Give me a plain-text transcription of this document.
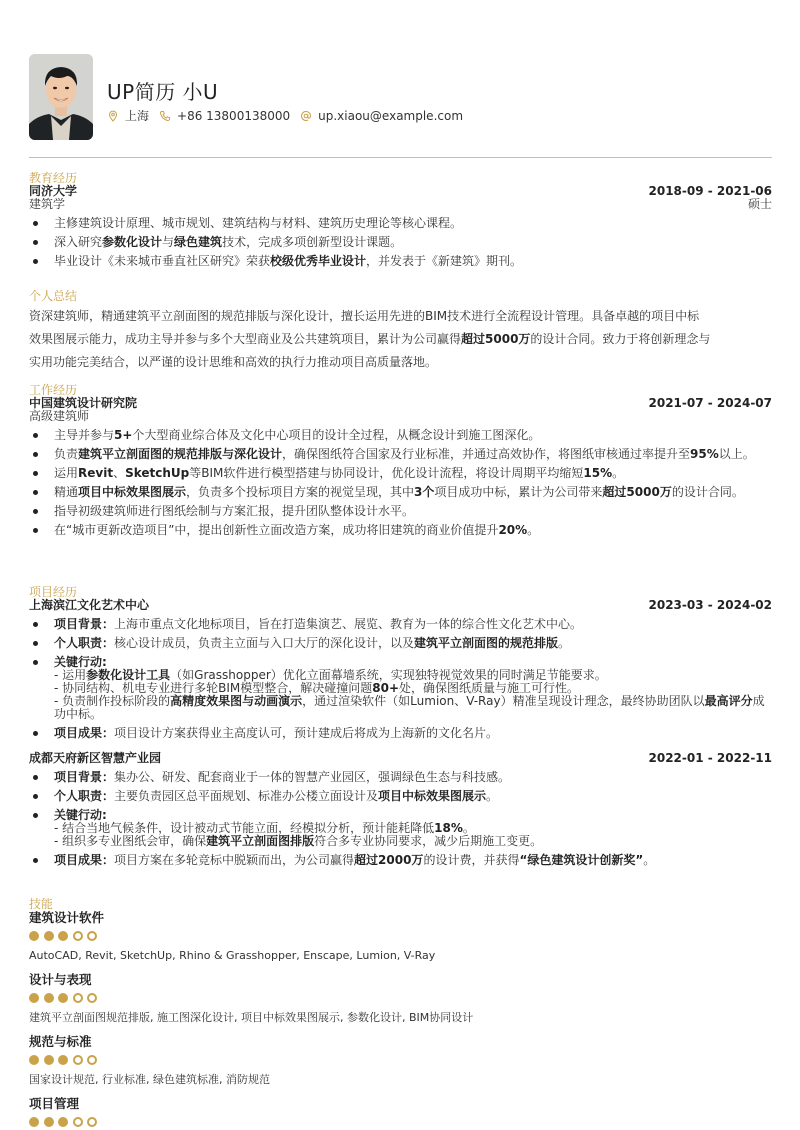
UP简历 小U
上海 +86 13800138000 up.xiaou@example.com
教育经历
同济大学	2018-09 - 2021-06
建筑学	硕士
主修建筑设计原理、城市规划、建筑结构与材料、建筑历史理论等核心课程。
深入研究参数化设计与绿色建筑技术，完成多项创新型设计课题。
毕业设计《未来城市垂直社区研究》荣获校级优秀毕业设计，并发表于《新建筑》期刊。
个人总结
资深建筑师，精通建筑平立剖面图的规范排版与深化设计，擅长运用先进的BIM技术进行全流程设计管理。具备卓越的项目中标
效果图展示能力，成功主导并参与多个大型商业及公共建筑项目，累计为公司赢得超过5000万的设计合同。致力于将创新理念与
实用功能完美结合，以严谨的设计思维和高效的执行力推动项目高质量落地。
工作经历
中国建筑设计研究院	2021-07 - 2024-07
高级建筑师
主导并参与5+个大型商业综合体及文化中心项目的设计全过程，从概念设计到施工图深化。
负责建筑平立剖面图的规范排版与深化设计，确保图纸符合国家及行业标准，并通过高效协作，将图纸审核通过率提升至95%以上。
运用Revit、SketchUp等BIM软件进行模型搭建与协同设计，优化设计流程，将设计周期平均缩短15%。
精通项目中标效果图展示，负责多个投标项目方案的视觉呈现，其中3个项目成功中标，累计为公司带来超过5000万的设计合同。
指导初级建筑师进行图纸绘制与方案汇报，提升团队整体设计水平。
在“城市更新改造项目”中，提出创新性立面改造方案，成功将旧建筑的商业价值提升20%。
项目经历
上海滨江文化艺术中心	2023-03 - 2024-02
项目背景：上海市重点文化地标项目，旨在打造集演艺、展览、教育为一体的综合性文化艺术中心。
个人职责：核心设计成员，负责主立面与入口大厅的深化设计，以及建筑平立剖面图的规范排版。
关键行动:
- 运用参数化设计工具（如Grasshopper）优化立面幕墙系统，实现独特视觉效果的同时满足节能要求。
- 协同结构、机电专业进行多轮BIM模型整合，解决碰撞问题80+处，确保图纸质量与施工可行性。
- 负责制作投标阶段的高精度效果图与动画演示，通过渲染软件（如Lumion、V-Ray）精准呈现设计理念，最终协助团队以最高评分成功中标。
项目成果：项目设计方案获得业主高度认可，预计建成后将成为上海新的文化名片。
成都天府新区智慧产业园	2022-01 - 2022-11
项目背景：集办公、研发、配套商业于一体的智慧产业园区，强调绿色生态与科技感。
个人职责：主要负责园区总平面规划、标准办公楼立面设计及项目中标效果图展示。
关键行动:
- 结合当地气候条件，设计被动式节能立面，经模拟分析，预计能耗降低18%。
- 组织多专业图纸会审，确保建筑平立剖面图排版符合多专业协同要求，减少后期施工变更。
项目成果：项目方案在多轮竞标中脱颖而出，为公司赢得超过2000万的设计费，并获得“绿色建筑设计创新奖”。
技能
建筑设计软件
AutoCAD, Revit, SketchUp, Rhino & Grasshopper, Enscape, Lumion, V-Ray
设计与表现
建筑平立剖面图规范排版, 施工图深化设计, 项目中标效果图展示, 参数化设计, BIM协同设计
规范与标准
国家设计规范, 行业标准, 绿色建筑标准, 消防规范
项目管理
